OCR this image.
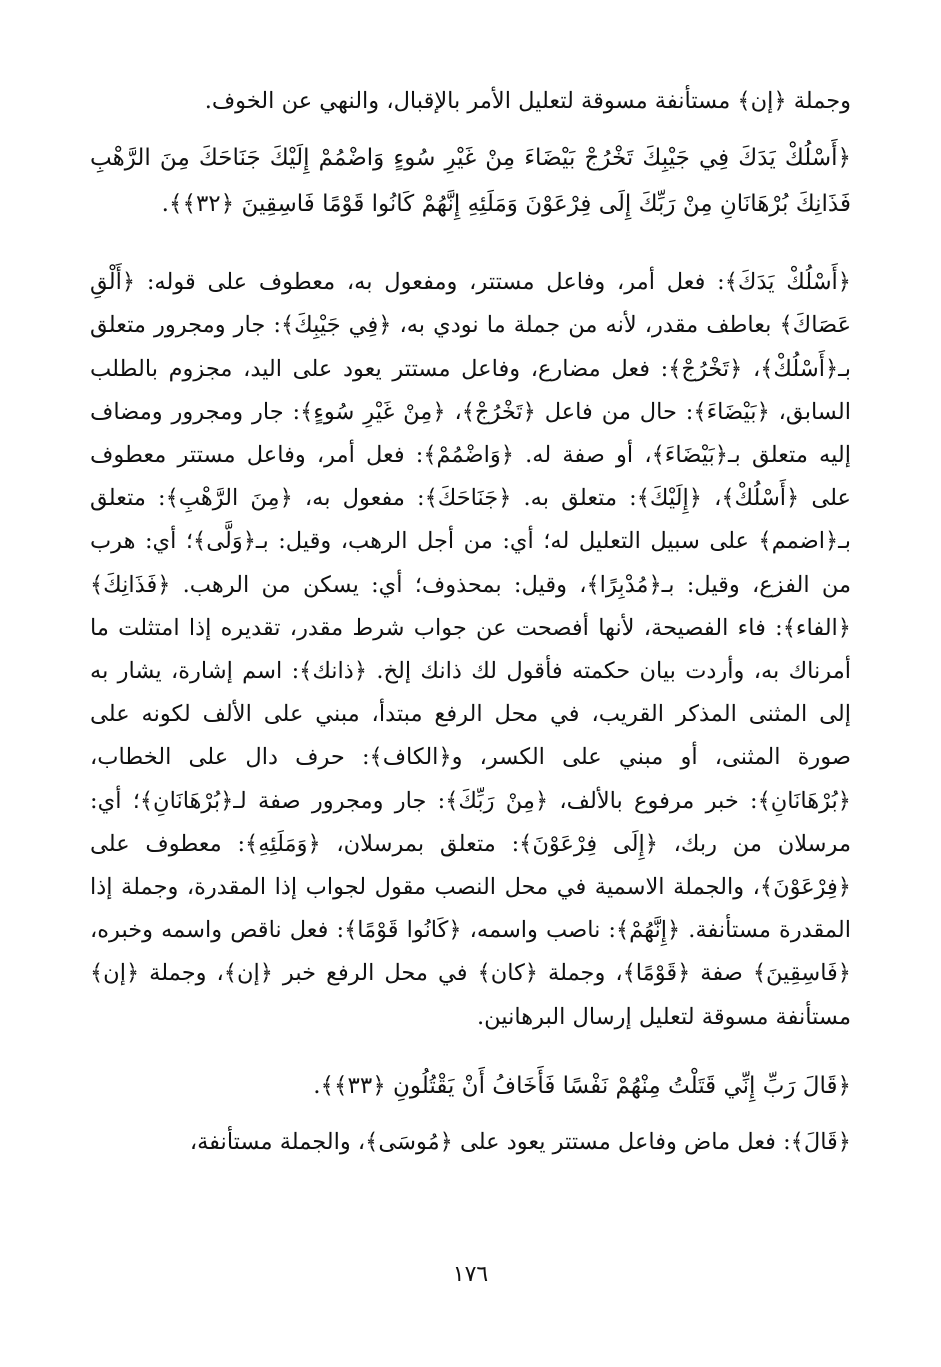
وجملة ﴿إن﴾ مستأنفة مسوقة لتعليل الأمر بالإقبال، والنهي عن الخوف.

﴿أَسْلُكْ يَدَكَ فِي جَيْبِكَ تَخْرُجْ بَيْضَاءَ مِنْ غَيْرِ سُوءٍ وَاضْمُمْ إِلَيْكَ جَنَاحَكَ مِنَ الرَّهْبِ فَذَانِكَ بُرْهَانَانِ مِنْ رَبِّكَ إِلَى فِرْعَوْنَ وَمَلَئِهِ إِنَّهُمْ كَانُوا قَوْمًا فَاسِقِينَ ﴿٣٢﴾﴾.

﴿أَسْلُكْ يَدَكَ﴾: فعل أمر، وفاعل مستتر، ومفعول به، معطوف على قوله: ﴿أَلْقِ عَصَاكَ﴾ بعاطف مقدر، لأنه من جملة ما نودي به، ﴿فِي جَيْبِكَ﴾: جار ومجرور متعلق بـ﴿أَسْلُكْ﴾، ﴿تَخْرُجْ﴾: فعل مضارع، وفاعل مستتر يعود على اليد، مجزوم بالطلب السابق، ﴿بَيْضَاءَ﴾: حال من فاعل ﴿تَخْرُجْ﴾، ﴿مِنْ غَيْرِ سُوءٍ﴾: جار ومجرور ومضاف إليه متعلق بـ﴿بَيْضَاءَ﴾، أو صفة له. ﴿وَاضْمُمْ﴾: فعل أمر، وفاعل مستتر معطوف على ﴿أَسْلُكْ﴾، ﴿إِلَيْكَ﴾: متعلق به. ﴿جَنَاحَكَ﴾: مفعول به، ﴿مِنَ الرَّهْبِ﴾: متعلق بـ﴿اضمم﴾ على سبيل التعليل له؛ أي: من أجل الرهب، وقيل: بـ﴿وَلَّى﴾؛ أي: هرب من الفزع، وقيل: بـ﴿مُدْبِرًا﴾، وقيل: بمحذوف؛ أي: يسكن من الرهب. ﴿فَذَانِكَ﴾ ﴿الفاء﴾: فاء الفصيحة، لأنها أفصحت عن جواب شرط مقدر، تقديره إذا امتثلت ما أمرناك به، وأردت بيان حكمته فأقول لك ذانك إلخ. ﴿ذانك﴾: اسم إشارة، يشار به إلى المثنى المذكر القريب، في محل الرفع مبتدأ، مبني على الألف لكونه على صورة المثنى، أو مبني على الكسر، و﴿الكاف﴾: حرف دال على الخطاب، ﴿بُرْهَانَانِ﴾: خبر مرفوع بالألف، ﴿مِنْ رَبِّكَ﴾: جار ومجرور صفة لـ﴿بُرْهَانَانِ﴾؛ أي: مرسلان من ربك، ﴿إِلَى فِرْعَوْنَ﴾: متعلق بمرسلان، ﴿وَمَلَئِهِ﴾: معطوف على ﴿فِرْعَوْنَ﴾، والجملة الاسمية في محل النصب مقول لجواب إذا المقدرة، وجملة إذا المقدرة مستأنفة. ﴿إِنَّهُمْ﴾: ناصب واسمه، ﴿كَانُوا قَوْمًا﴾: فعل ناقص واسمه وخبره، ﴿فَاسِقِينَ﴾ صفة ﴿قَوْمًا﴾، وجملة ﴿كان﴾ في محل الرفع خبر ﴿إن﴾، وجملة ﴿إن﴾ مستأنفة مسوقة لتعليل إرسال البرهانين.

﴿قَالَ رَبِّ إِنِّي قَتَلْتُ مِنْهُمْ نَفْسًا فَأَخَافُ أَنْ يَقْتُلُونِ ﴿٣٣﴾﴾.

﴿قَالَ﴾: فعل ماض وفاعل مستتر يعود على ﴿مُوسَى﴾، والجملة مستأنفة،

١٧٦
